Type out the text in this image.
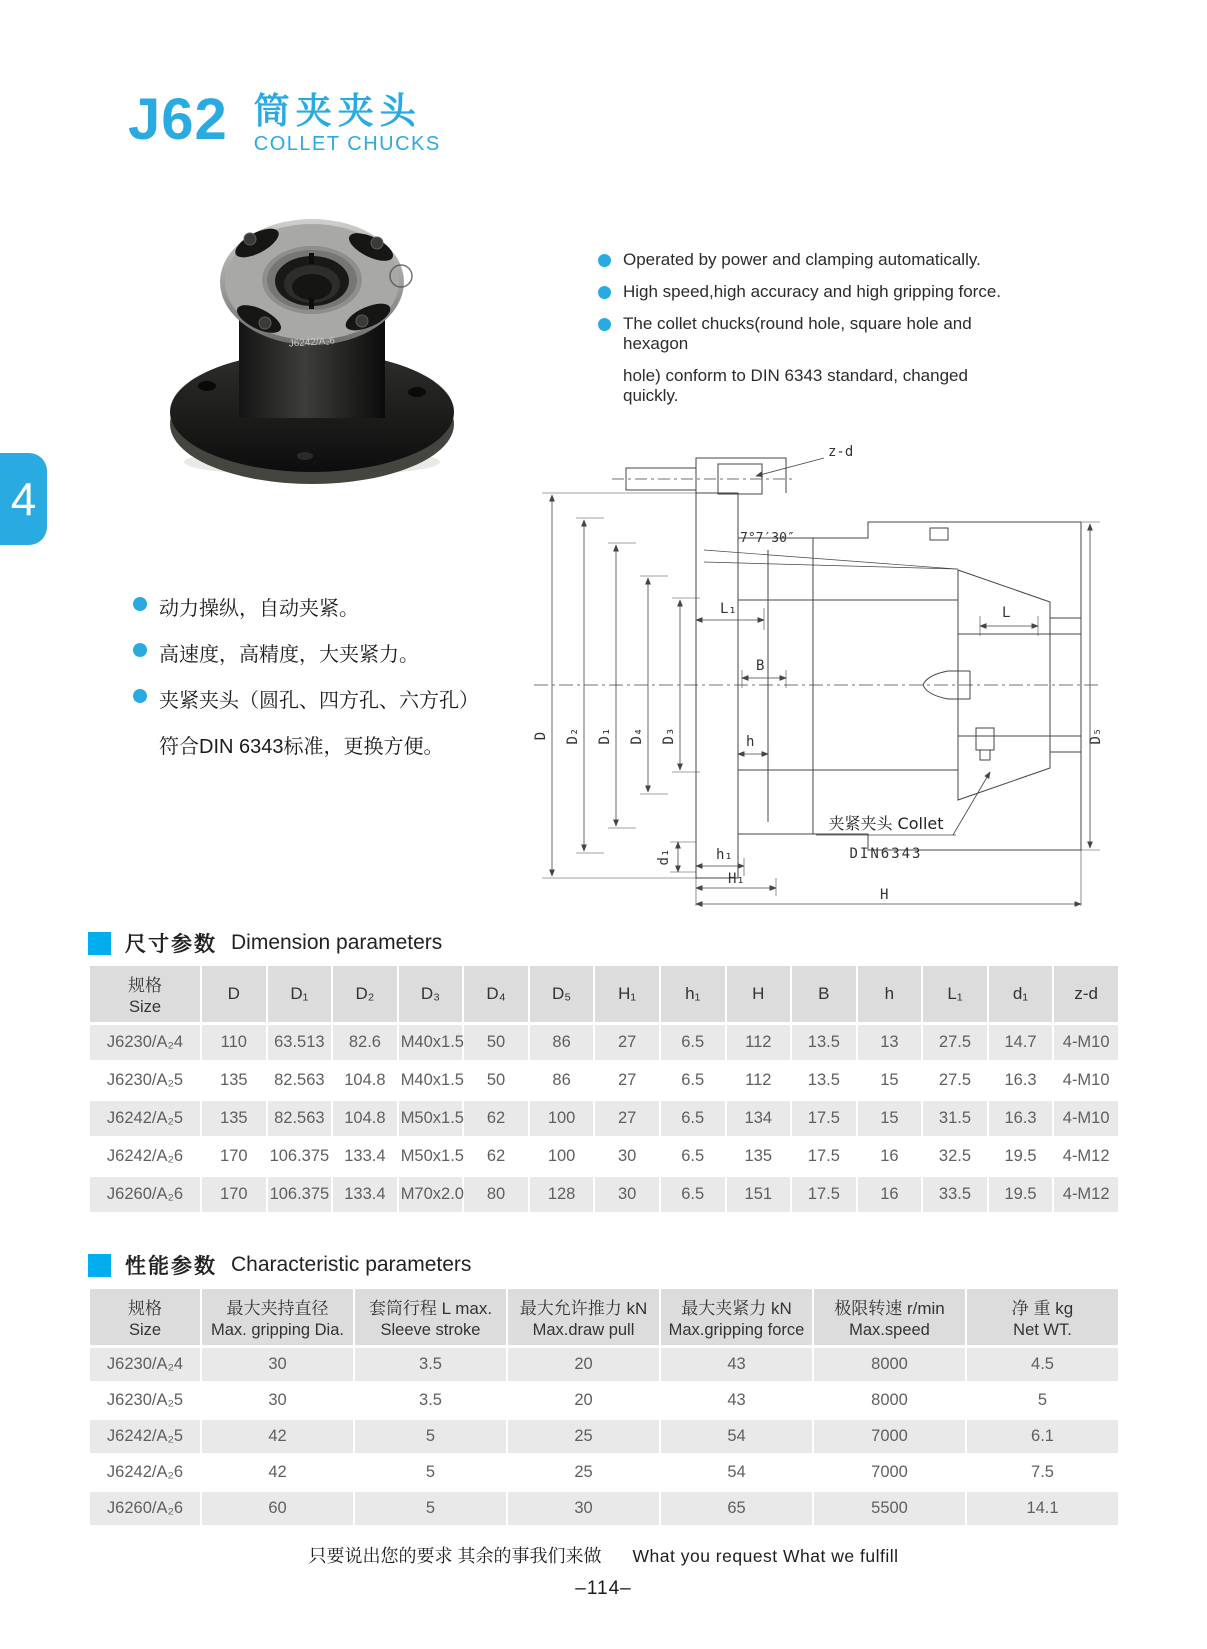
4
J62 筒夹夹头
COLLET CHUCKS
J6242/A₂6
Operated by power and clamping automatically.
High speed,high accuracy and high gripping force.
The collet chucks(round hole, square hole and hexagon
hole) conform to DIN 6343 standard, changed quickly.
动力操纵，自动夹紧。
高速度，高精度，大夹紧力。
夹紧夹头（圆孔、四方孔、六方孔）
符合DIN 6343标准，更换方便。
z-d
7°7′30″
D D₂ D₁ D₄ D₃	D₅
L₁
B
L
h
d₁	h₁
H₁
H
夹紧夹头 Collet
DIN6343
尺寸参数 Dimension parameters
规格
Size	D	D₁	D₂	D₃	D₄	D₅	H₁	h₁	H	B	h	L₁	d₁	z-d
J6230/A₂4	110	63.513	82.6	M40x1.5	50	86	27	6.5	112	13.5	13	27.5	14.7	4-M10
J6230/A₂5	135	82.563	104.8	M40x1.5	50	86	27	6.5	112	13.5	15	27.5	16.3	4-M10
J6242/A₂5	135	82.563	104.8	M50x1.5	62	100	27	6.5	134	17.5	15	31.5	16.3	4-M10
J6242/A₂6	170	106.375	133.4	M50x1.5	62	100	30	6.5	135	17.5	16	32.5	19.5	4-M12
J6260/A₂6	170	106.375	133.4	M70x2.0	80	128	30	6.5	151	17.5	16	33.5	19.5	4-M12
性能参数 Characteristic parameters
规格
Size

最大夹持直径
Max. gripping Dia.

套筒行程 L max.
Sleeve stroke

最大允许推力 kN
Max.draw pull

最大夹紧力 kN
Max.gripping force

极限转速 r/min
Max.speed

净 重 kg
Net WT.

J6230/A₂4	30	3.5	20	43	8000	4.5
J6230/A₂5	30	3.5	20	43	8000	5
J6242/A₂5	42	5	25	54	7000	6.1
J6242/A₂6	42	5	25	54	7000	7.5
J6260/A₂6	60	5	30	65	5500	14.1
只要说出您的要求 其余的事我们来做 What you request What we fulfill
–114–
